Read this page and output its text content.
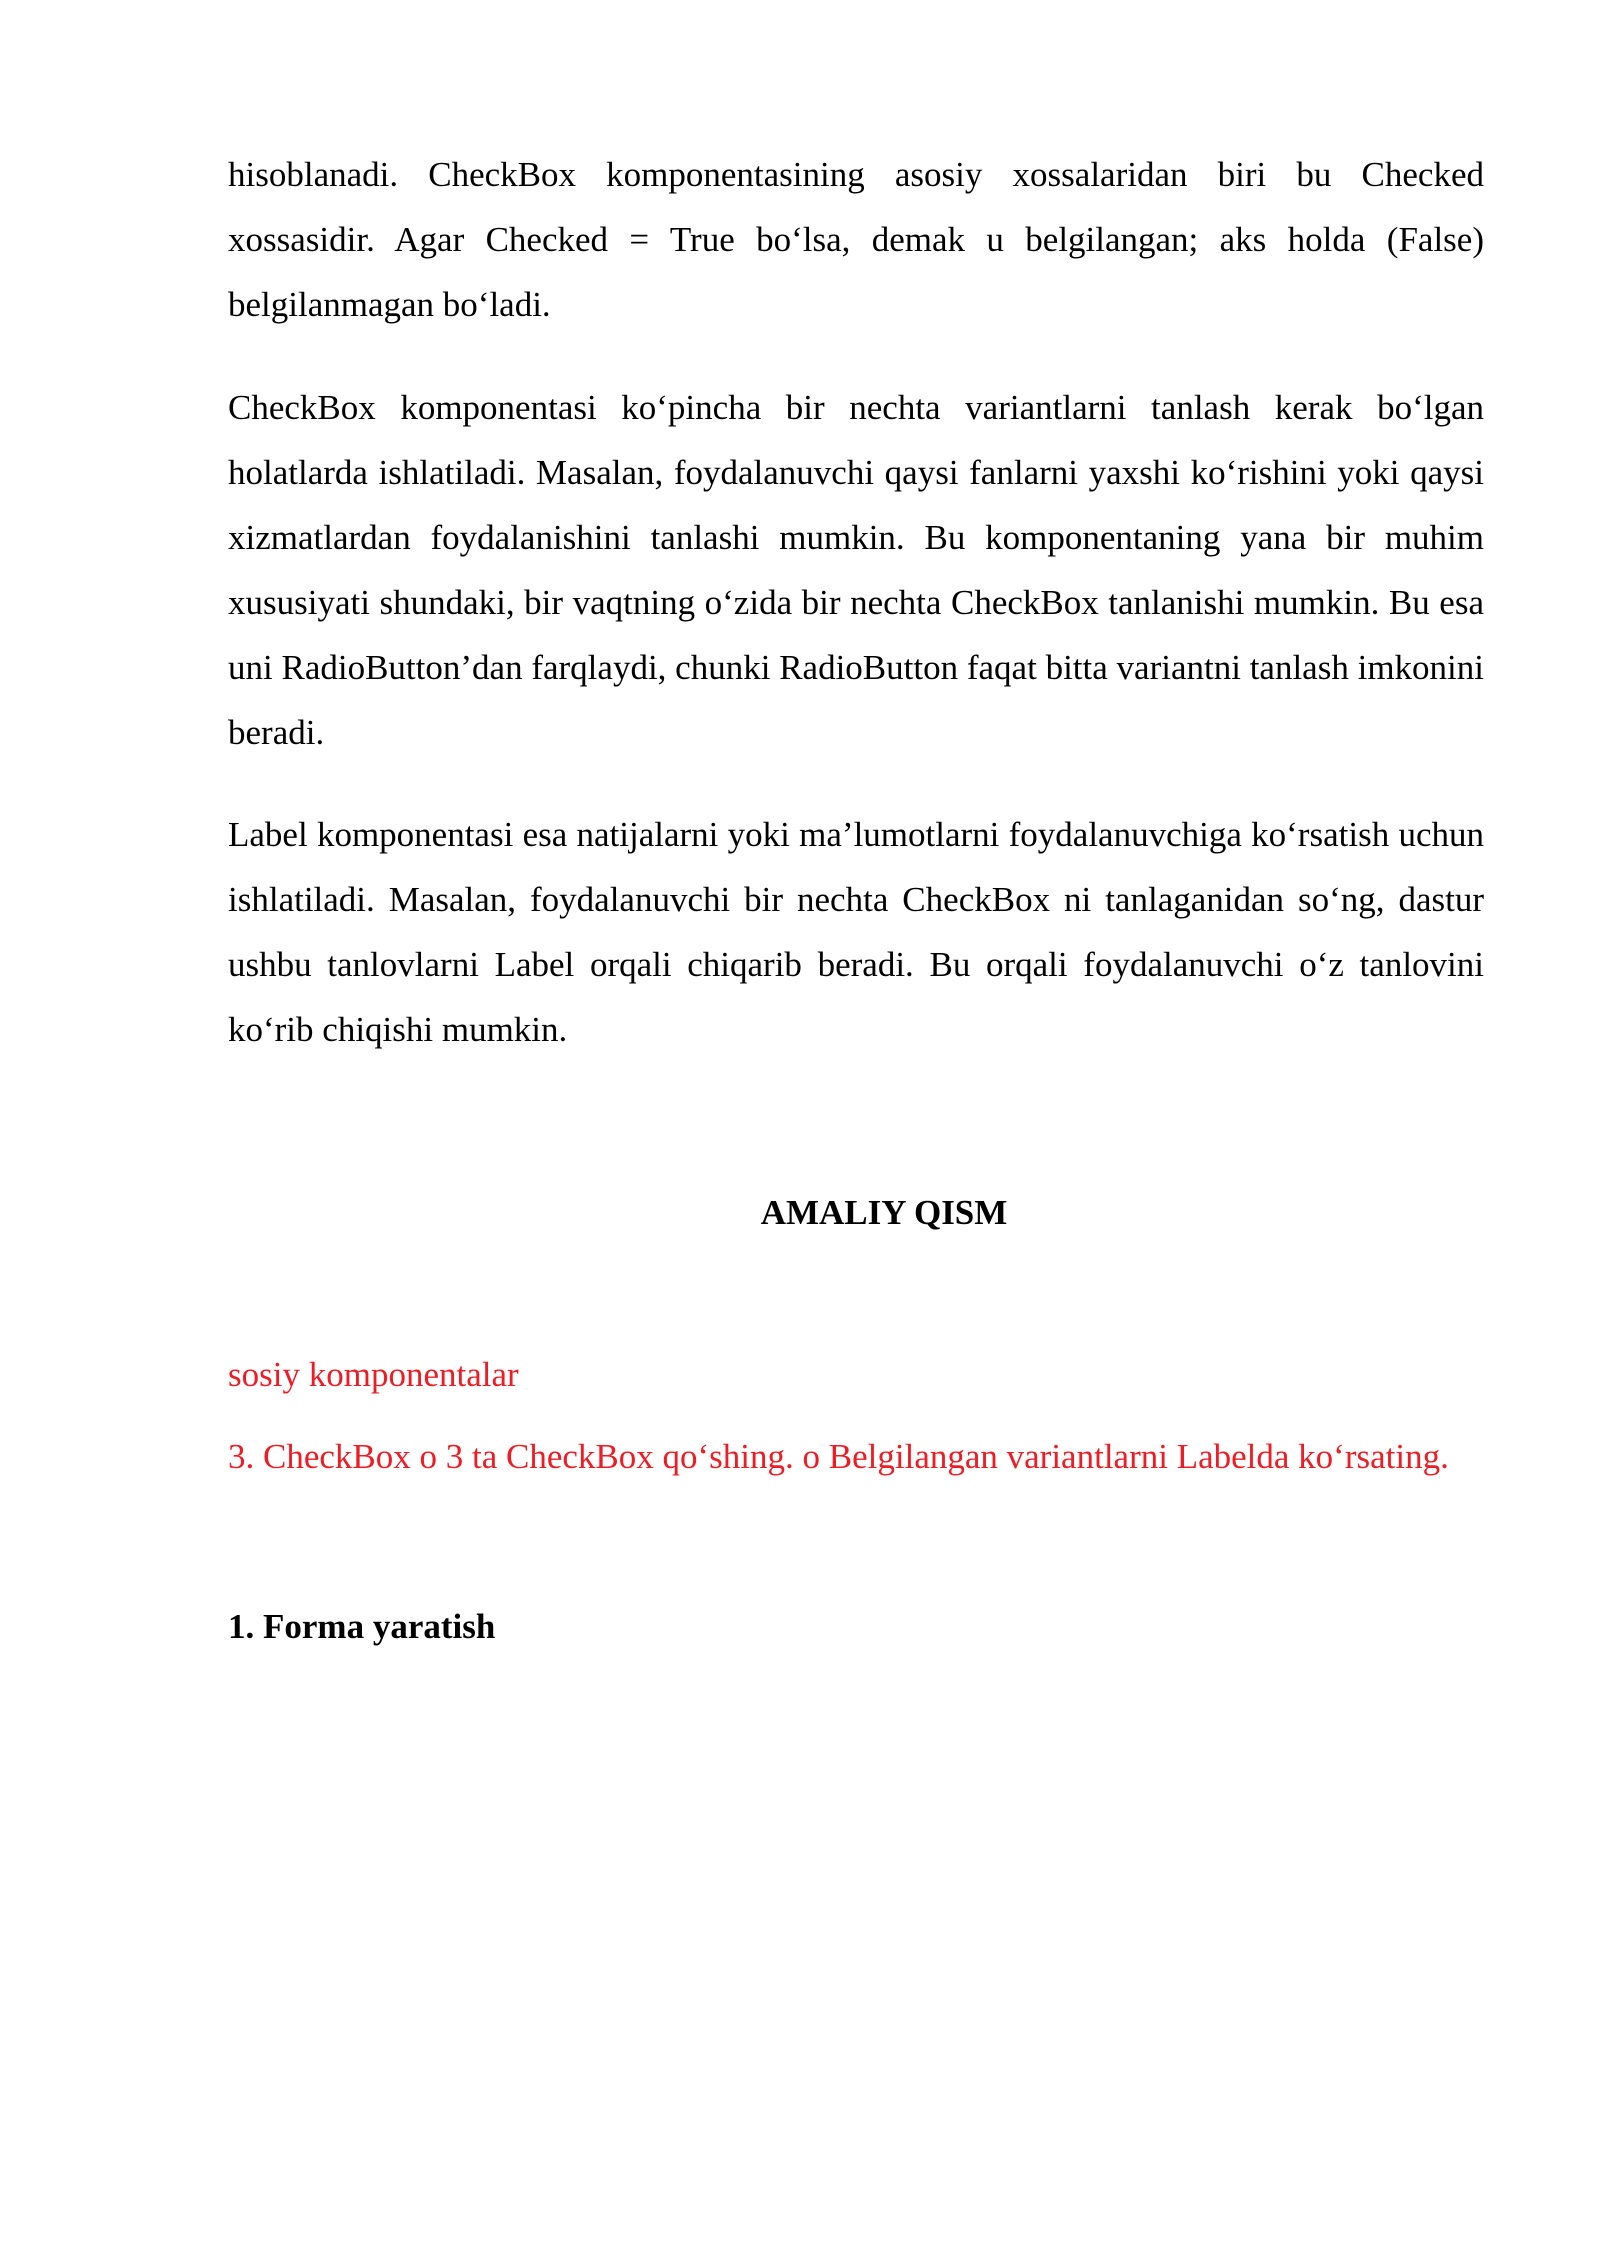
hisoblanadi. CheckBox komponentasining asosiy xossalaridan biri bu Checked xossasidir. Agar Checked = True bo‘lsa, demak u belgilangan; aks holda (False) belgilanmagan bo‘ladi.

CheckBox komponentasi ko‘pincha bir nechta variantlarni tanlash kerak bo‘lgan holatlarda ishlatiladi. Masalan, foydalanuvchi qaysi fanlarni yaxshi ko‘rishini yoki qaysi xizmatlardan foydalanishini tanlashi mumkin. Bu komponentaning yana bir muhim xususiyati shundaki, bir vaqtning o‘zida bir nechta CheckBox tanlanishi mumkin. Bu esa uni RadioButton’dan farqlaydi, chunki RadioButton faqat bitta variantni tanlash imkonini beradi.

Label komponentasi esa natijalarni yoki ma’lumotlarni foydalanuvchiga ko‘rsatish uchun ishlatiladi. Masalan, foydalanuvchi bir nechta CheckBox ni tanlaganidan so‘ng, dastur ushbu tanlovlarni Label orqali chiqarib beradi. Bu orqali foydalanuvchi o‘z tanlovini ko‘rib chiqishi mumkin.

AMALIY QISM
sosiy komponentalar

3. CheckBox o 3 ta CheckBox qo‘shing. o Belgilangan variantlarni Labelda ko‘rsating.

1. Forma yaratish
